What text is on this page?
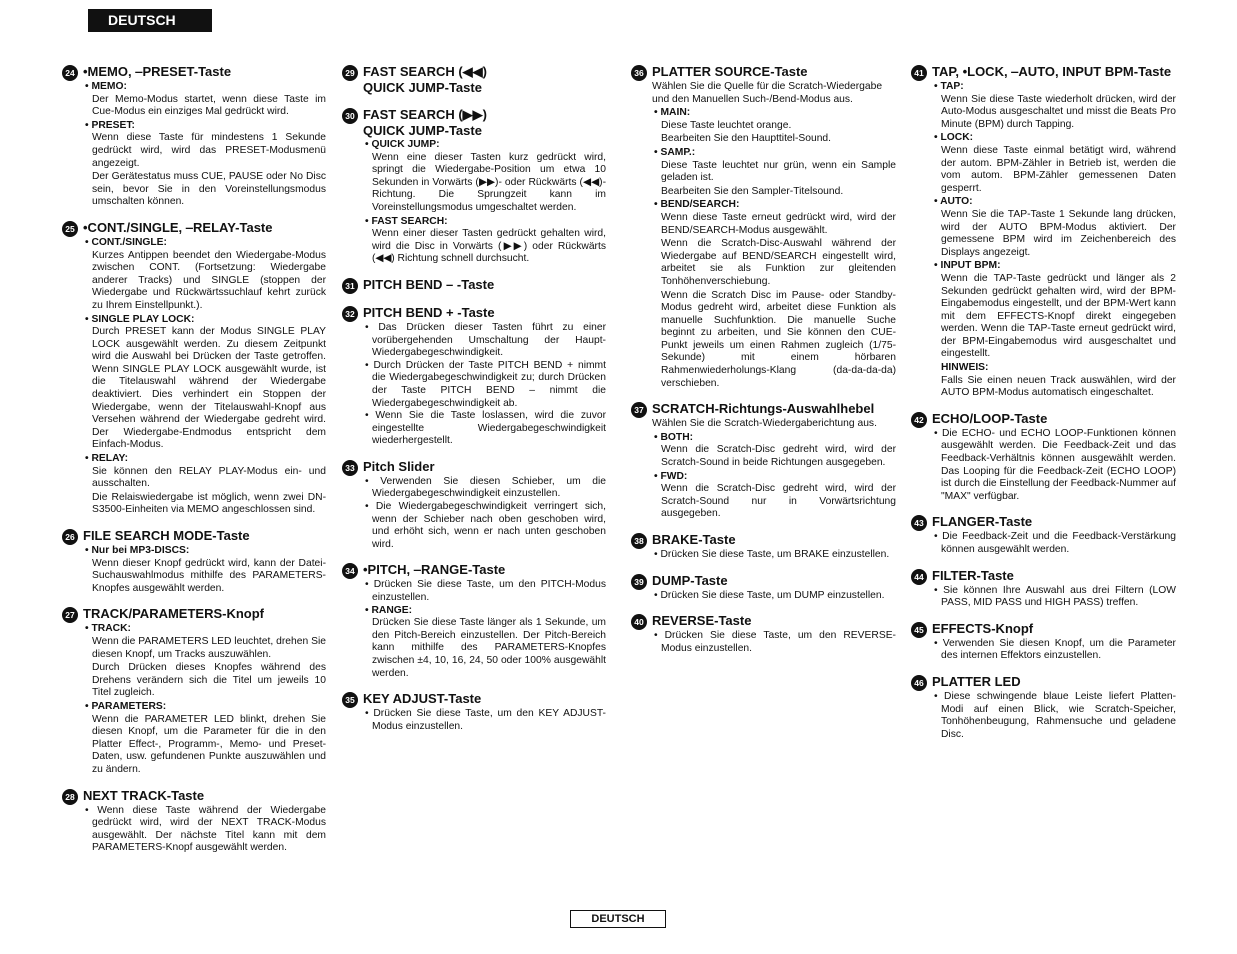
DEUTSCH
24 •MEMO, ‒PRESET-Taste
• MEMO:
Der Memo-Modus startet, wenn diese Taste im Cue-Modus ein einziges Mal gedrückt wird.
• PRESET:
Wenn diese Taste für mindestens 1 Sekunde gedrückt wird, wird das PRESET-Modusmenü angezeigt.
Der Gerätestatus muss CUE, PAUSE oder No Disc sein, bevor Sie in den Voreinstellungsmodus umschalten können.
25 •CONT./SINGLE, ‒RELAY-Taste
• CONT./SINGLE:
Kurzes Antippen beendet den Wiedergabe-Modus zwischen CONT. (Fortsetzung: Wiedergabe anderer Tracks) und SINGLE (stoppen der Wiedergabe und Rückwärtssuchlauf kehrt zurück zu Ihrem Einstellpunkt.).
• SINGLE PLAY LOCK:
Durch PRESET kann der Modus SINGLE PLAY LOCK ausgewählt werden. Zu diesem Zeitpunkt wird die Auswahl bei Drücken der Taste getroffen. Wenn SINGLE PLAY LOCK ausgewählt wurde, ist die Titelauswahl während der Wiedergabe deaktiviert. Dies verhindert ein Stoppen der Wiedergabe, wenn der Titelauswahl-Knopf aus Versehen während der Wiedergabe gedreht wird. Der Wiedergabe-Endmodus entspricht dem Einfach-Modus.
• RELAY:
Sie können den RELAY PLAY-Modus ein- und ausschalten.
Die Relaiswiedergabe ist möglich, wenn zwei DN-S3500-Einheiten via MEMO angeschlossen sind.
26 FILE SEARCH MODE-Taste
• Nur bei MP3-DISCS:
Wenn dieser Knopf gedrückt wird, kann der Datei-Suchauswahlmodus mithilfe des PARAMETERS-Knopfes ausgewählt werden.
27 TRACK/PARAMETERS-Knopf
• TRACK:
Wenn die PARAMETERS LED leuchtet, drehen Sie diesen Knopf, um Tracks auszuwählen.
Durch Drücken dieses Knopfes während des Drehens verändern sich die Titel um jeweils 10 Titel zugleich.
• PARAMETERS:
Wenn die PARAMETER LED blinkt, drehen Sie diesen Knopf, um die Parameter für die in den Platter Effect-, Programm-, Memo- und Preset-Daten, usw. gefundenen Punkte auszuwählen und zu ändern.
28 NEXT TRACK-Taste
• Wenn diese Taste während der Wiedergabe gedrückt wird, wird der NEXT TRACK-Modus ausgewählt. Der nächste Titel kann mit dem PARAMETERS-Knopf ausgewählt werden.
29 FAST SEARCH (◀◀)
QUICK JUMP-Taste
30 FAST SEARCH (▶▶)
QUICK JUMP-Taste
• QUICK JUMP:
Wenn eine dieser Tasten kurz gedrückt wird, springt die Wiedergabe-Position um etwa 10 Sekunden in Vorwärts (▶▶)- oder Rückwärts (◀◀)-Richtung. Die Sprungzeit kann im Voreinstellungsmodus umgeschaltet werden.
• FAST SEARCH:
Wenn einer dieser Tasten gedrückt gehalten wird, wird die Disc in Vorwärts (▶▶) oder Rückwärts (◀◀) Richtung schnell durchsucht.
31 PITCH BEND – -Taste
32 PITCH BEND + -Taste
• Das Drücken dieser Tasten führt zu einer vorübergehenden Umschaltung der Haupt-Wiedergabegeschwindigkeit.
• Durch Drücken der Taste PITCH BEND + nimmt die Wiedergabegeschwindigkeit zu; durch Drücken der Taste PITCH BEND – nimmt die Wiedergabegeschwindigkeit ab.
• Wenn Sie die Taste loslassen, wird die zuvor eingestellte Wiedergabegeschwindigkeit wiederhergestellt.
33 Pitch Slider
• Verwenden Sie diesen Schieber, um die Wiedergabegeschwindigkeit einzustellen.
• Die Wiedergabegeschwindigkeit verringert sich, wenn der Schieber nach oben geschoben wird, und erhöht sich, wenn er nach unten geschoben wird.
34 •PITCH, ‒RANGE-Taste
• Drücken Sie diese Taste, um den PITCH-Modus einzustellen.
• RANGE:
Drücken Sie diese Taste länger als 1 Sekunde, um den Pitch-Bereich einzustellen. Der Pitch-Bereich kann mithilfe des PARAMETERS-Knopfes zwischen ±4, 10, 16, 24, 50 oder 100% ausgewählt werden.
35 KEY ADJUST-Taste
• Drücken Sie diese Taste, um den KEY ADJUST-Modus einzustellen.
36 PLATTER SOURCE-Taste
Wählen Sie die Quelle für die Scratch-Wiedergabe und den Manuellen Such-/Bend-Modus aus.
• MAIN:
Diese Taste leuchtet orange.
Bearbeiten Sie den Haupttitel-Sound.
• SAMP.:
Diese Taste leuchtet nur grün, wenn ein Sample geladen ist.
Bearbeiten Sie den Sampler-Titelsound.
• BEND/SEARCH:
Wenn diese Taste erneut gedrückt wird, wird der BEND/SEARCH-Modus ausgewählt.
Wenn die Scratch-Disc-Auswahl während der Wiedergabe auf BEND/SEARCH eingestellt wird, arbeitet sie als Funktion zur gleitenden Tonhöhenverschiebung.
Wenn die Scratch Disc im Pause- oder Standby-Modus gedreht wird, arbeitet diese Funktion als manuelle Suchfunktion. Die manuelle Suche beginnt zu arbeiten, und Sie können den CUE-Punkt jeweils um einen Rahmen zugleich (1/75-Sekunde) mit einem hörbaren Rahmenwiederholungs-Klang (da-da-da-da) verschieben.
37 SCRATCH-Richtungs-Auswahlhebel
Wählen Sie die Scratch-Wiedergaberichtung aus.
• BOTH:
Wenn die Scratch-Disc gedreht wird, wird der Scratch-Sound in beide Richtungen ausgegeben.
• FWD:
Wenn die Scratch-Disc gedreht wird, wird der Scratch-Sound nur in Vorwärtsrichtung ausgegeben.
38 BRAKE-Taste
• Drücken Sie diese Taste, um BRAKE einzustellen.
39 DUMP-Taste
• Drücken Sie diese Taste, um DUMP einzustellen.
40 REVERSE-Taste
• Drücken Sie diese Taste, um den REVERSE-Modus einzustellen.
41 TAP, •LOCK, ‒AUTO, INPUT BPM-Taste
• TAP:
Wenn Sie diese Taste wiederholt drücken, wird der Auto-Modus ausgeschaltet und misst die Beats Pro Minute (BPM) durch Tapping.
• LOCK:
Wenn diese Taste einmal betätigt wird, während der autom. BPM-Zähler in Betrieb ist, werden die vom autom. BPM-Zähler gemessenen Daten gesperrt.
• AUTO:
Wenn Sie die TAP-Taste 1 Sekunde lang drücken, wird der AUTO BPM-Modus aktiviert. Der gemessene BPM wird im Zeichenbereich des Displays angezeigt.
• INPUT BPM:
Wenn die TAP-Taste gedrückt und länger als 2 Sekunden gedrückt gehalten wird, wird der BPM-Eingabemodus eingestellt, und der BPM-Wert kann mit dem EFFECTS-Knopf direkt eingegeben werden. Wenn die TAP-Taste erneut gedrückt wird, der BPM-Eingabemodus wird ausgeschaltet und eingestellt.
HINWEIS:
Falls Sie einen neuen Track auswählen, wird der AUTO BPM-Modus automatisch eingeschaltet.
42 ECHO/LOOP-Taste
• Die ECHO- und ECHO LOOP-Funktionen können ausgewählt werden. Die Feedback-Zeit und das Feedback-Verhältnis können ausgewählt werden. Das Looping für die Feedback-Zeit (ECHO LOOP) ist durch die Einstellung der Feedback-Nummer auf "MAX" verfügbar.
43 FLANGER-Taste
• Die Feedback-Zeit und die Feedback-Verstärkung können ausgewählt werden.
44 FILTER-Taste
• Sie können Ihre Auswahl aus drei Filtern (LOW PASS, MID PASS und HIGH PASS) treffen.
45 EFFECTS-Knopf
• Verwenden Sie diesen Knopf, um die Parameter des internen Effektors einzustellen.
46 PLATTER LED
• Diese schwingende blaue Leiste liefert Platten-Modi auf einen Blick, wie Scratch-Speicher, Tonhöhenbeugung, Rahmensuche und geladene Disc.
DEUTSCH
